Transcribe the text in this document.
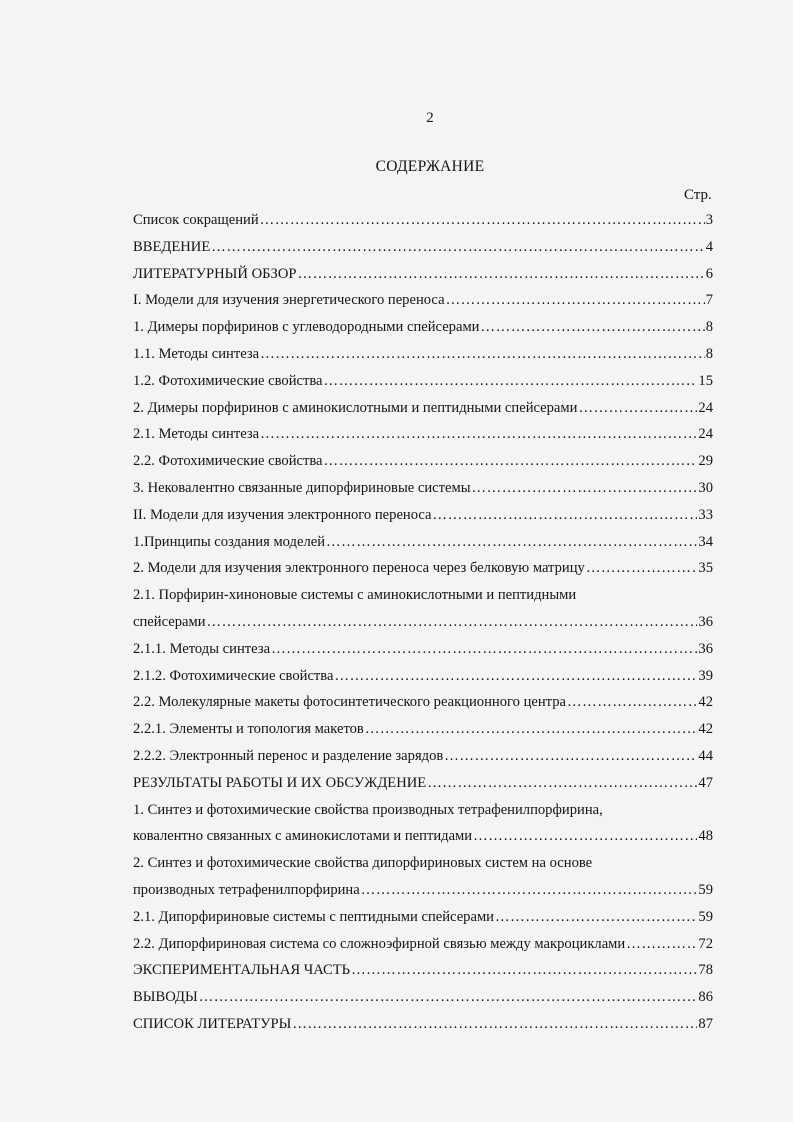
2
СОДЕРЖАНИЕ
Стр.
Список сокращений ……………………………………………………………………………………………………………………………………………………	3
ВВЕДЕНИЕ ……………………………………………………………………………………………………………………………………………………	4
ЛИТЕРАТУРНЫЙ ОБЗОР ……………………………………………………………………………………………………………………………………………………	6
I. Модели для изучения энергетического переноса ……………………………………………………………………………………………………………………………………………………	7
1. Димеры порфиринов с углеводородными спейсерами ……………………………………………………………………………………………………………………………………………………	8
1.1. Методы синтеза ……………………………………………………………………………………………………………………………………………………	8
1.2. Фотохимические свойства ……………………………………………………………………………………………………………………………………………………	15
2. Димеры порфиринов с аминокислотными и пептидными спейсерами ……………………………………………………………………………………………………………………………………………………	24
2.1. Методы синтеза ……………………………………………………………………………………………………………………………………………………	24
2.2. Фотохимические свойства ……………………………………………………………………………………………………………………………………………………	29
3. Нековалентно связанные дипорфириновые системы ……………………………………………………………………………………………………………………………………………………	30
II. Модели для изучения электронного переноса ……………………………………………………………………………………………………………………………………………………	33
1.Принципы создания моделей ……………………………………………………………………………………………………………………………………………………	34
2. Модели для изучения электронного переноса через белковую матрицу ……………………………………………………………………………………………………………………………………………………	35
2.1. Порфирин-хиноновые системы с аминокислотными и пептидными
спейсерами ……………………………………………………………………………………………………………………………………………………	36
2.1.1. Методы синтеза ……………………………………………………………………………………………………………………………………………………	36
2.1.2. Фотохимические свойства ……………………………………………………………………………………………………………………………………………………	39
2.2. Молекулярные макеты фотосинтетического реакционного центра ……………………………………………………………………………………………………………………………………………………	42
2.2.1. Элементы и топология макетов ……………………………………………………………………………………………………………………………………………………	42
2.2.2. Электронный перенос и разделение зарядов ……………………………………………………………………………………………………………………………………………………	44
РЕЗУЛЬТАТЫ РАБОТЫ И ИХ ОБСУЖДЕНИЕ ……………………………………………………………………………………………………………………………………………………	47
1. Синтез и фотохимические свойства производных тетрафенилпорфирина,
ковалентно связанных с аминокислотами и пептидами ……………………………………………………………………………………………………………………………………………………	48
2. Синтез и фотохимические свойства дипорфириновых систем на основе
производных тетрафенилпорфирина ……………………………………………………………………………………………………………………………………………………	59
2.1. Дипорфириновые системы с пептидными спейсерами ……………………………………………………………………………………………………………………………………………………	59
2.2. Дипорфириновая система со сложноэфирной связью между макроциклами ……………………………………………………………………………………………………………………………………………………	72
ЭКСПЕРИМЕНТАЛЬНАЯ ЧАСТЬ ……………………………………………………………………………………………………………………………………………………	78
ВЫВОДЫ ……………………………………………………………………………………………………………………………………………………	86
СПИСОК ЛИТЕРАТУРЫ ……………………………………………………………………………………………………………………………………………………	87
